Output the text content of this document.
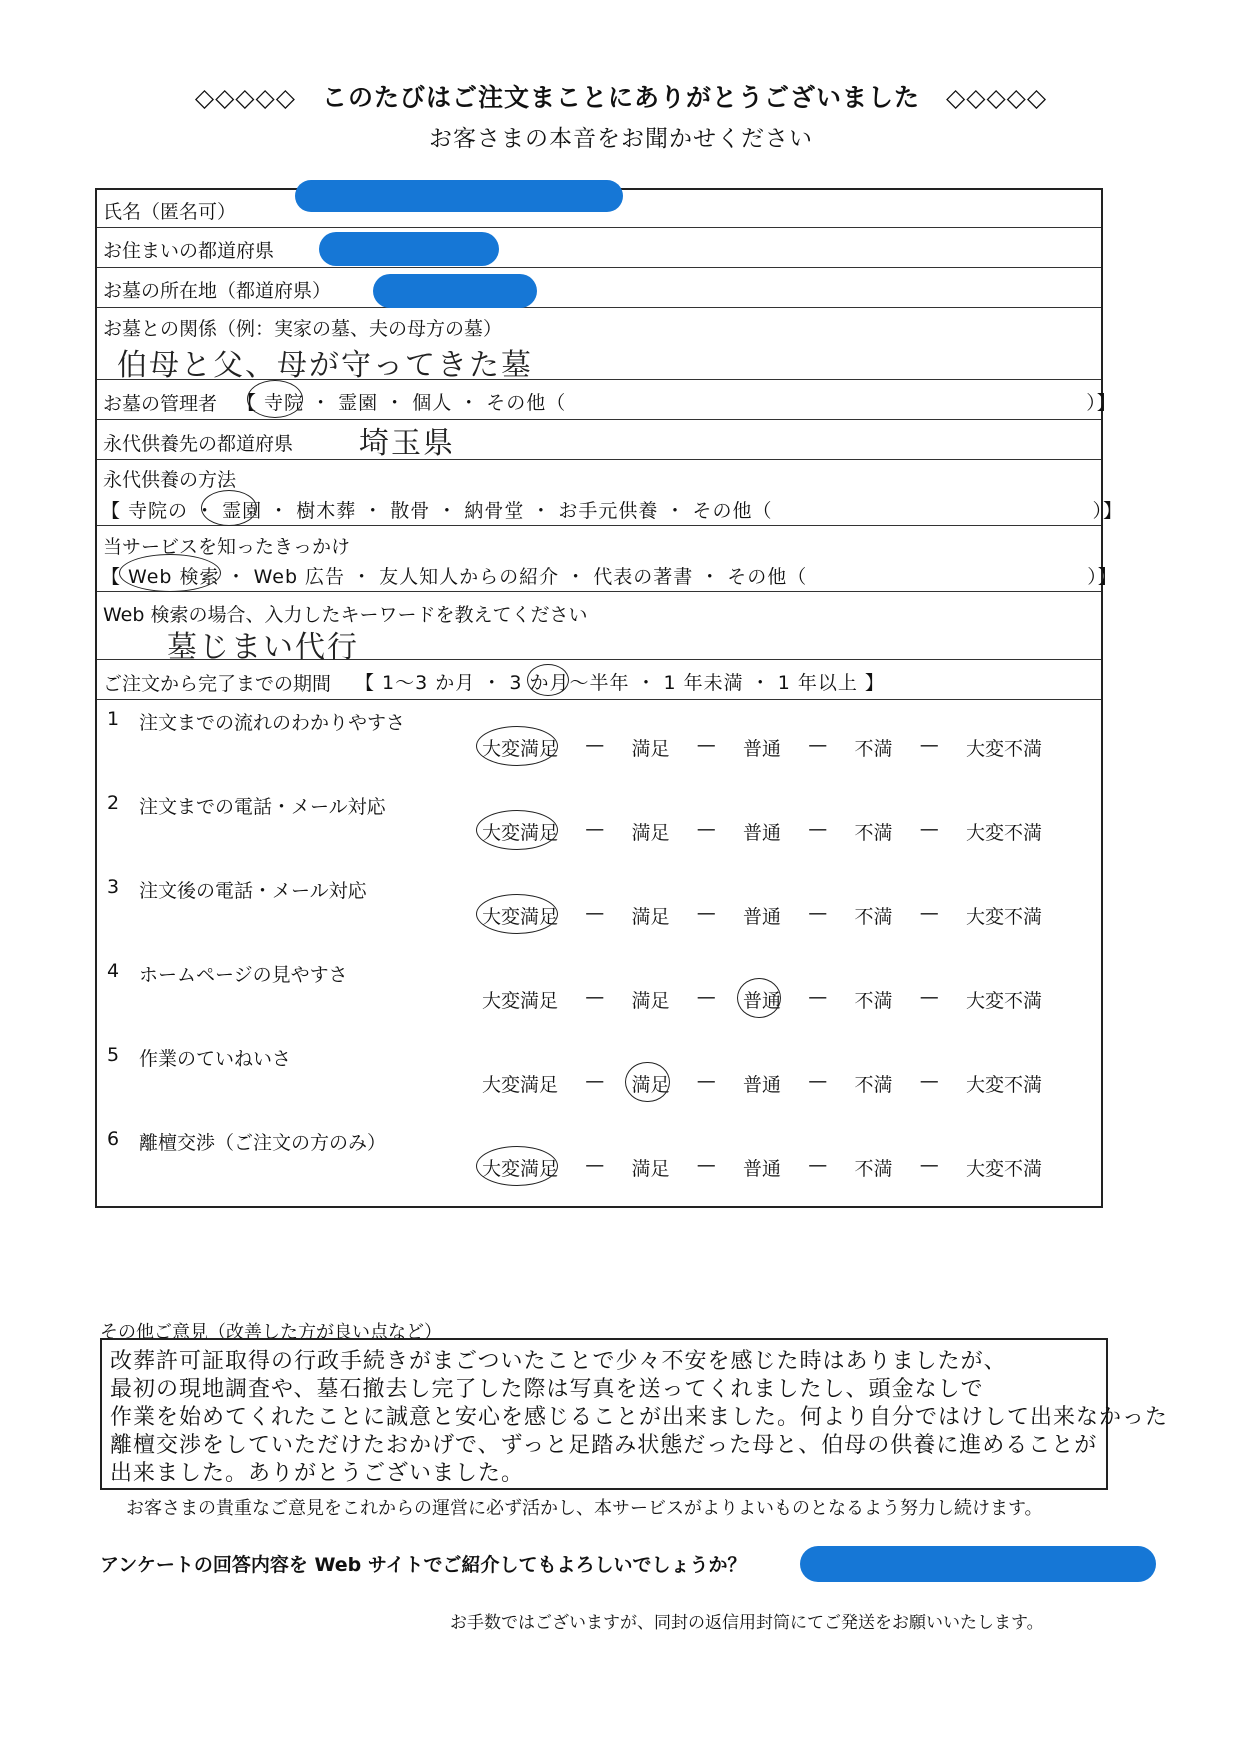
◇◇◇◇◇　このたびはご注文まことにありがとうございました　◇◇◇◇◇
お客さまの本音をお聞かせください
氏名（匿名可）
お住まいの都道府県
お墓の所在地（都道府県）
お墓との関係（例：実家の墓、夫の母方の墓）
伯母と父、母が守ってきた墓
お墓の管理者 【 寺院 ・ 霊園 ・ 個人 ・ その他（　　　　　　　　　　　　　　　　　　　　　　　　　　）】
永代供養先の都道府県 埼玉県
永代供養の方法
【 寺院の ・ 霊園 ・ 樹木葬 ・ 散骨 ・ 納骨堂 ・ お手元供養 ・ その他（　　　　　　　　　　　　　　　　）】
当サービスを知ったきっかけ
【 Web 検索 ・ Web 広告 ・ 友人知人からの紹介 ・ 代表の著書 ・ その他（　　　　　　　　　　　　　　）】
Web 検索の場合、入力したキーワードを教えてください
墓じまい代行
ご注文から完了までの期間 【 1〜3 か月 ・ 3 か月〜半年 ・ 1 年未満 ・ 1 年以上 】
1 注文までの流れのわかりやすさ
大変満足 — 満足 — 普通 — 不満 — 大変不満
2 注文までの電話・メール対応
大変満足 — 満足 — 普通 — 不満 — 大変不満
3 注文後の電話・メール対応
大変満足 — 満足 — 普通 — 不満 — 大変不満
4 ホームページの見やすさ
大変満足 — 満足 — 普通 — 不満 — 大変不満
5 作業のていねいさ
大変満足 — 満足 — 普通 — 不満 — 大変不満
6 離檀交渉（ご注文の方のみ）
大変満足 — 満足 — 普通 — 不満 — 大変不満
その他ご意見（改善した方が良い点など）
改葬許可証取得の行政手続きがまごついたことで少々不安を感じた時はありましたが、
最初の現地調査や、墓石撤去し完了した際は写真を送ってくれましたし、頭金なしで
作業を始めてくれたことに誠意と安心を感じることが出来ました。何より自分ではけして出来なかった
離檀交渉をしていただけたおかげで、ずっと足踏み状態だった母と、伯母の供養に進めることが
出来ました。ありがとうございました。
お客さまの貴重なご意見をこれからの運営に必ず活かし、本サービスがよりよいものとなるよう努力し続けます。
アンケートの回答内容を Web サイトでご紹介してもよろしいでしょうか？
お手数ではございますが、同封の返信用封筒にてご発送をお願いいたします。
